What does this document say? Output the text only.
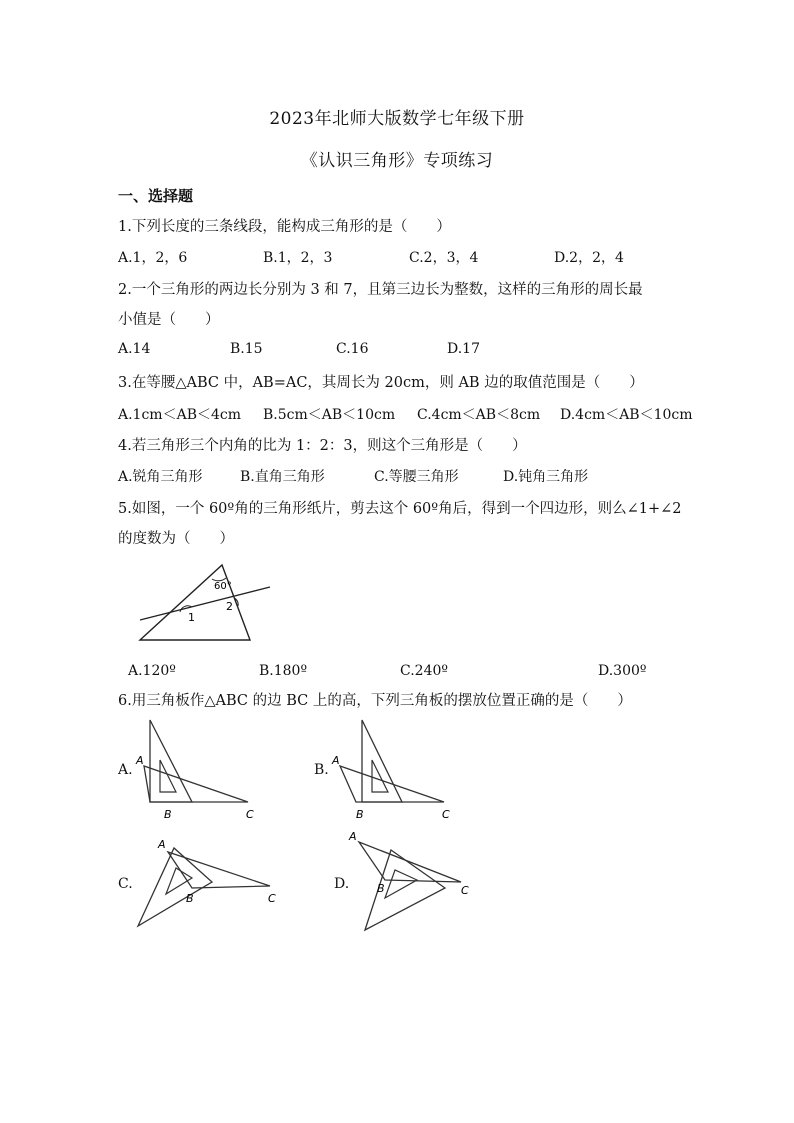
2023年北师大版数学七年级下册
《认识三角形》专项练习
一、选择题
1.下列长度的三条线段，能构成三角形的是（　　）
A.1，2，6	B.1，2，3	C.2，3，4	D.2，2，4
2.一个三角形的两边长分别为 3 和 7，且第三边长为整数，这样的三角形的周长最
小值是（　　）
A.14	B.15	C.16	D.17
3.在等腰△ABC 中，AB=AC，其周长为 20cm，则 AB 边的取值范围是（　　）
A.1cm＜AB＜4cm B.5cm＜AB＜10cm C.4cm＜AB＜8cm D.4cm＜AB＜10cm
4.若三角形三个内角的比为 1：2：3，则这个三角形是（　　）
A.锐角三角形	B.直角三角形	C.等腰三角形	D.钝角三角形
5.如图，一个 60º角的三角形纸片，剪去这个 60º角后，得到一个四边形，则么∠1+∠2
的度数为（　　）
60°
1
2
A.120º	B.180º	C.240º	D.300º
6.用三角板作△ABC 的边 BC 上的高，下列三角板的摆放位置正确的是（　　）
A.
A
B	C
B.
A
B	C
C.
A
B	C
D.
A
B	C
